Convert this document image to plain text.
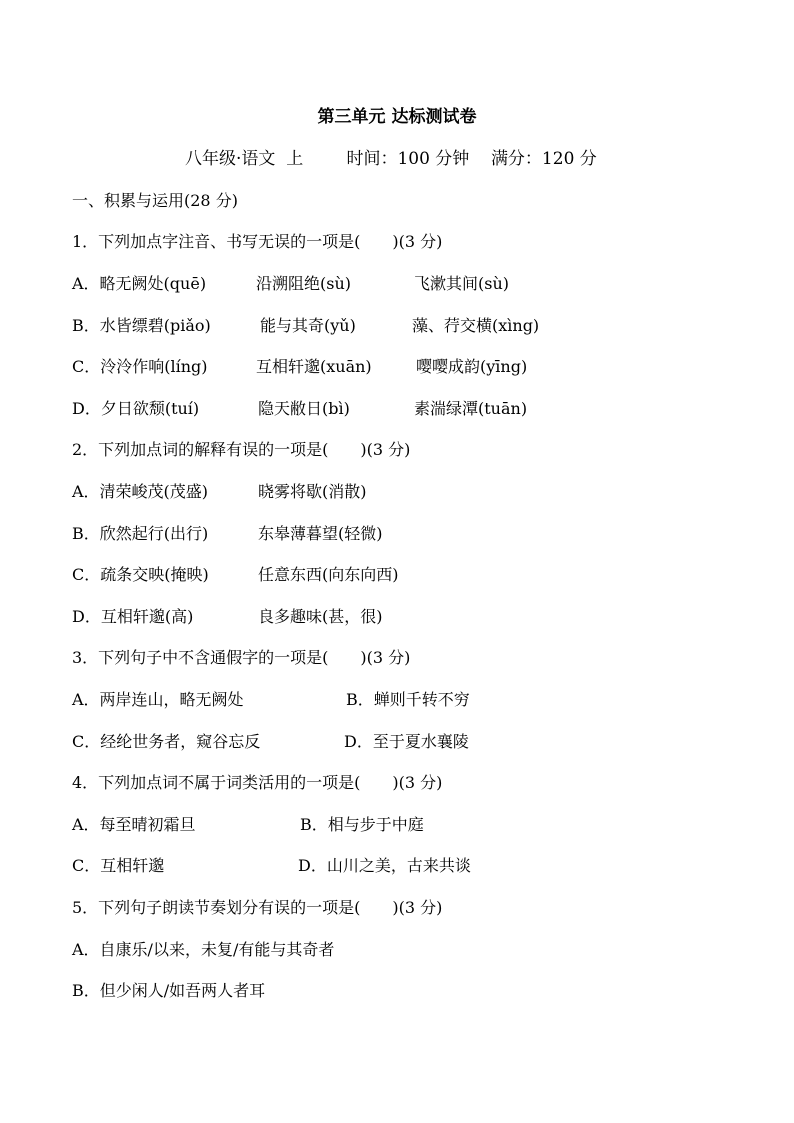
第三单元 达标测试卷
八年级·语文  上	时间：100 分钟 满分：120 分
一、积累与运用(28 分)
1．下列加点字注音、书写无误的一项是(　　)(3 分)
A．略无阙处(quē)	沿溯阻绝(sù)	飞漱其间(sù)
B．水皆缥碧(piǎo)	能与其奇(yǔ)	藻、荇交横(xìng)
C．泠泠作响(líng)	互相轩邈(xuān)	嘤嘤成韵(yīng)
D．夕日欲颓(tuí)	隐天敝日(bì)	素湍绿潭(tuān)
2．下列加点词的解释有误的一项是(　　)(3 分)
A．清荣峻茂(茂盛)	晓雾将歇(消散)
B．欣然起行(出行)	东皋薄暮望(轻微)
C．疏条交映(掩映)	任意东西(向东向西)
D．互相轩邈(高)	良多趣味(甚，很)
3．下列句子中不含通假字的一项是(　　)(3 分)
A．两岸连山，略无阙处	B．蝉则千转不穷
C．经纶世务者，窥谷忘反	D．至于夏水襄陵
4．下列加点词不属于词类活用的一项是(　　)(3 分)
A．每至晴初霜旦	B．相与步于中庭
C．互相轩邈	D．山川之美，古来共谈
5．下列句子朗读节奏划分有误的一项是(　　)(3 分)
A．自康乐/以来，未复/有能与其奇者
B．但少闲人/如吾两人者耳
